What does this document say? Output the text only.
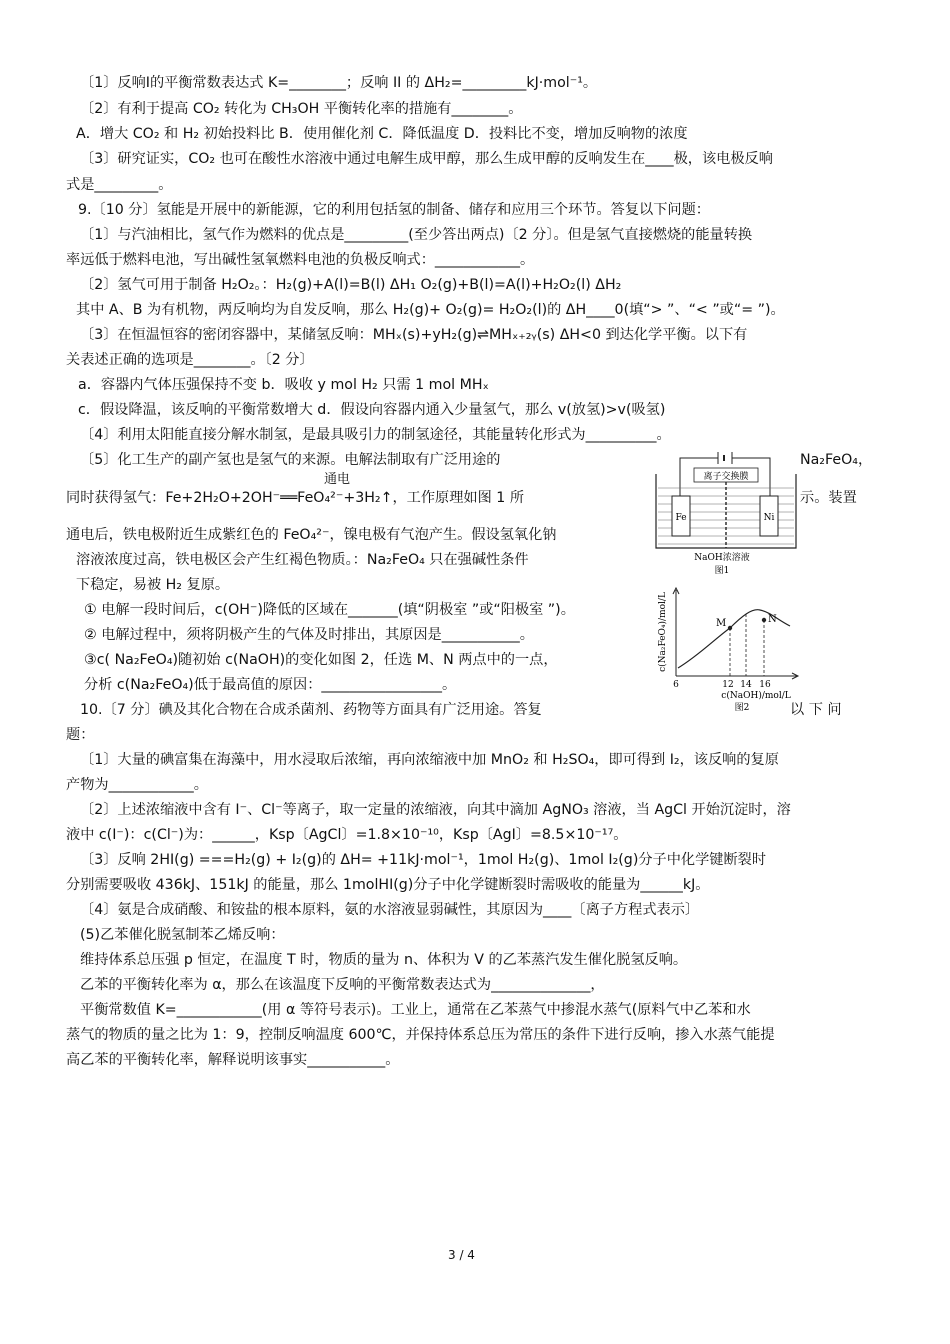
〔1〕反响Ⅰ的平衡常数表达式 K=________；反响 II 的 ΔH₂=_________kJ·mol⁻¹。
〔2〕有利于提高 CO₂ 转化为 CH₃OH 平衡转化率的措施有________。
A．增大 CO₂ 和 H₂ 初始投料比 B．使用催化剂 C．降低温度 D．投料比不变，增加反响物的浓度
〔3〕研究证实，CO₂ 也可在酸性水溶液中通过电解生成甲醇，那么生成甲醇的反响发生在____极，该电极反响
式是_________。
9.〔10 分〕氢能是开展中的新能源，它的利用包括氢的制备、储存和应用三个环节。答复以下问题：
〔1〕与汽油相比，氢气作为燃料的优点是_________(至少答出两点)〔2 分〕。但是氢气直接燃烧的能量转换
率远低于燃料电池，写出碱性氢氧燃料电池的负极反响式：____________。
〔2〕氢气可用于制备 H₂O₂。：H₂(g)+A(l)=B(l) ΔH₁ O₂(g)+B(l)=A(l)+H₂O₂(l) ΔH₂
其中 A、B 为有机物，两反响均为自发反响，那么 H₂(g)+ O₂(g)= H₂O₂(l)的 ΔH____0(填“> ”、“< ”或“= ”)。
〔3〕在恒温恒容的密闭容器中，某储氢反响：MHₓ(s)+yH₂(g)⇌MHₓ₊₂ᵧ(s) ΔH<0 到达化学平衡。以下有
关表述正确的选项是________。〔2 分〕
a．容器内气体压强保持不变 b．吸收 y mol H₂ 只需 1 mol MHₓ
c．假设降温，该反响的平衡常数增大 d．假设向容器内通入少量氢气，那么 v(放氢)>v(吸氢)
〔4〕利用太阳能直接分解水制氢，是最具吸引力的制氢途径，其能量转化形式为__________。
〔5〕化工生产的副产氢也是氢气的来源。电解法制取有广泛用途的	Na₂FeO₄，
同时获得氢气：Fe+2H₂O+2OH⁻══FeO₄²⁻+3H₂↑，工作原理如图 1 所
通电
示。装置
通电后，铁电极附近生成紫红色的 FeO₄²⁻，镍电极有气泡产生。假设氢氧化钠
溶液浓度过高，铁电极区会产生红褐色物质。：Na₂FeO₄ 只在强碱性条件
下稳定，易被 H₂ 复原。
① 电解一段时间后，c(OH⁻)降低的区域在_______(填“阴极室 ”或“阳极室 ”)。
② 电解过程中，须将阴极产生的气体及时排出，其原因是___________。
③c( Na₂FeO₄)随初始 c(NaOH)的变化如图 2，任选 M、N 两点中的一点，
分析 c(Na₂FeO₄)低于最高值的原因：_________________。
10.〔7 分〕碘及其化合物在合成杀菌剂、药物等方面具有广泛用途。答复	以 下 问
题：
〔1〕大量的碘富集在海藻中，用水浸取后浓缩，再向浓缩液中加 MnO₂ 和 H₂SO₄，即可得到 I₂，该反响的复原
产物为____________。
〔2〕上述浓缩液中含有 I⁻、Cl⁻等离子，取一定量的浓缩液，向其中滴加 AgNO₃ 溶液，当 AgCl 开始沉淀时，溶
液中 c(I⁻)：c(Cl⁻)为：______，Ksp〔AgCl〕=1.8×10⁻¹⁰，Ksp〔AgI〕=8.5×10⁻¹⁷。
〔3〕反响 2HI(g) ===H₂(g) + I₂(g)的 ΔH= +11kJ·mol⁻¹，1mol H₂(g)、1mol I₂(g)分子中化学键断裂时
分别需要吸收 436kJ、151kJ 的能量，那么 1molHI(g)分子中化学键断裂时需吸收的能量为______kJ。
〔4〕氨是合成硝酸、和铵盐的根本原料，氨的水溶液显弱碱性，其原因为____〔离子方程式表示〕
(5)乙苯催化脱氢制苯乙烯反响：
维持体系总压强 p 恒定，在温度 T 时，物质的量为 n、体积为 V 的乙苯蒸汽发生催化脱氢反响。
乙苯的平衡转化率为 α，那么在该温度下反响的平衡常数表达式为______________，
平衡常数值 K=____________(用 α 等符号表示)。工业上，通常在乙苯蒸气中掺混水蒸气(原料气中乙苯和水
蒸气的物质的量之比为 1：9，控制反响温度 600℃，并保持体系总压为常压的条件下进行反响，掺入水蒸气能提
高乙苯的平衡转化率，解释说明该事实___________。
离子交换膜
Fe	Ni
NaOH浓溶液
图1
c(Na₂FeO₄)/mol/L	M	N
6	12 14 16
c(NaOH)/mol/L
图2
3 / 4
